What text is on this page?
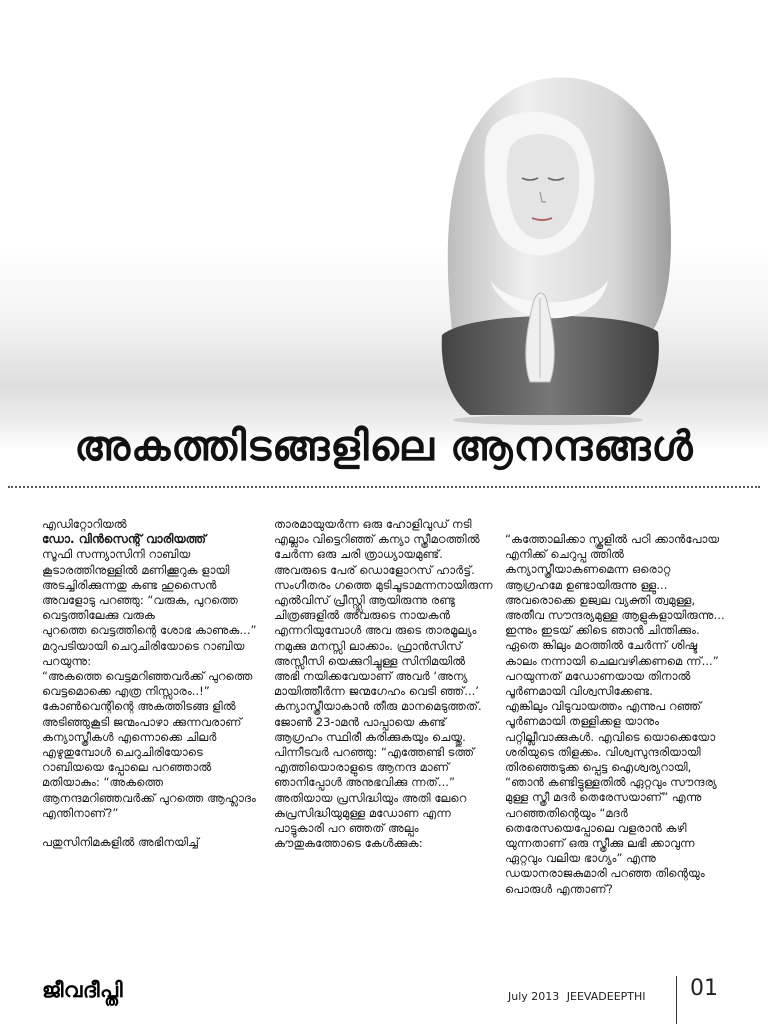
അകത്തിടങ്ങളിലെ ആനന്ദങ്ങൾ

എഡിറ്റോറിയൽ

ഡോ. വിൻസെന്റ് വാരിയത്ത്

സൂഫി സന്ന്യാസിനി റാബിയ കൂടാരത്തിനുള്ളിൽ മണിക്കൂറുക ളായി അടച്ചിരിക്കുന്നതു കണ്ട ഹുസൈൻ അവളോടു പറഞ്ഞു: “വരുക, പുറത്തെ വെട്ടത്തിലേക്കു വരുക

പുറത്തെ വെട്ടത്തിന്റെ ശോഭ കാണുക...”

മറുപടിയായി ചെറുചിരിയോടെ റാബിയ പറയുന്നു:

“അകത്തെ വെട്ടമറിഞ്ഞവർക്ക് പുറത്തെ വെട്ടമൊക്കെ എത്ര നിസ്സാരം..!”

കോൺവെന്റിന്റെ അകത്തിടങ്ങ ളിൽ അടിഞ്ഞുകൂടി ജന്മംപാഴാ ക്കുന്നവരാണ് കന്യാസ്ത്രീകൾ എന്നൊക്കെ ചിലർ എഴുതുമ്പോൾ ചെറുചിരിയോടെ റാബിയയെ പ്പോലെ പറഞ്ഞാൽ മതിയാകും: “അകത്തെ ആനന്ദമറിഞ്ഞവർക്ക് പുറത്തെ ആഹ്ലാദം എന്തിനാണ്?”

പതുസിനിമകളിൽ അഭിനയിച്ച്

താരമായുയർന്ന ഒരു ഹോളിവുഡ് നടി എല്ലാം വിട്ടെറിഞ്ഞ് കന്യാ സ്ത്രീമഠത്തിൽ ചേർന്ന ഒരു ചരി ത്രാധ്യായമുണ്ട്. അവരുടെ പേര് ഡൊളോറസ് ഹാർട്ട്. സംഗീതരം ഗത്തെ മുടിചൂടാമന്നനായിരുന്ന എൽവിസ് പ്രീസ്റ്റ്ലി ആയിരുന്നു രണ്ടു ചിത്രങ്ങളിൽ അവരുടെ നായകൻ എന്നറിയുമ്പോൾ അവ രുടെ താരമൂല്യം നമുക്കു മനസ്സി ലാക്കാം. ഫ്രാൻസിസ് അസ്സീസി യെക്കുറിച്ചുള്ള സിനിമയിൽ അഭി നയിക്കവേയാണ് അവർ ‘അന്യ മായിത്തീർന്ന ജന്മഗേഹം വെടി ഞ്ഞ്...’ കന്യാസ്ത്രീയാകാൻ തീരു മാനമെടുത്തത്. ജോൺ 23-ാമൻ പാപ്പായെ കണ്ട് ആഗ്രഹം സ്ഥിരീ കരിക്കുകയും ചെയ്തു.

പിന്നീടവർ പറഞ്ഞു: “എത്തേണ്ടി ടത്ത് എത്തിയൊരാളുടെ ആനന്ദ മാണ് ഞാനിപ്പോൾ അനുഭവിക്കു ന്നത്...”

അതിയായ പ്രസിദ്ധിയും അതി ലേറെ കുപ്രസിദ്ധിയുമുള്ള മഡോണ എന്ന പാട്ടുകാരി പറ ഞ്ഞത് അല്പം കൗതുകത്തോടെ കേൾക്കുക:

“കത്തോലിക്കാ സ്കൂളിൽ പഠി ക്കാൻപോയ എനിക്ക് ചെറുപ്പ ത്തിൽ കന്യാസ്ത്രീയാകണമെന്ന ഒരൊറ്റ ആഗ്രഹമേ ഉണ്ടായിരുന്നു ള്ളു... അവരൊക്കെ ഉജ്വല വ്യക്തി ത്വമുള്ള, അതീവ സൗന്ദര്യമുള്ള ആളുകളായിരുന്നു... ഇന്നും ഇടയ് ക്കിടെ ഞാൻ ചിന്തിക്കും. ഏതെ ങ്കിലും മഠത്തിൽ ചേർന്ന് ശിഷ്ട കാലം നന്നായി ചെലവഴിക്കണമെ ന്ന്...” പറയുന്നത് മഡോണയായ തിനാൽ പൂർണമായി വിശ്വസിക്കേണ്ട.

എങ്കിലും വിടുവായത്തം എന്നുപ റഞ്ഞ് പൂർണമായി തള്ളിക്കള യാനും പറ്റില്ലീവാക്കുകൾ. എവിടെ യൊക്കെയോ ശരിയുടെ തിളക്കം. വിശ്വസുന്ദരിയായി തിരഞ്ഞെടുക്ക പ്പെട്ട ഐശ്വര്യറായി, “ഞാൻ കണ്ടിട്ടുള്ളതിൽ ഏറ്റവും സൗന്ദര്യ മുള്ള സ്ത്രീ മദർ തെരേസയാണ്” എന്നു പറഞ്ഞതിന്റെയും “മദർ തെരേസയെപ്പോലെ വളരാൻ കഴി യുന്നതാണ് ഒരു സ്ത്രീക്കു ലഭി ക്കാവുന്ന ഏറ്റവും വലിയ ഭാഗ്യം” എന്നു ഡയാനരാജകുമാരി പറഞ്ഞ തിന്റെയും പൊരുൾ എന്താണ്?

ജീവദീപ്തി	July 2013 JEEVADEEPTHI 01
